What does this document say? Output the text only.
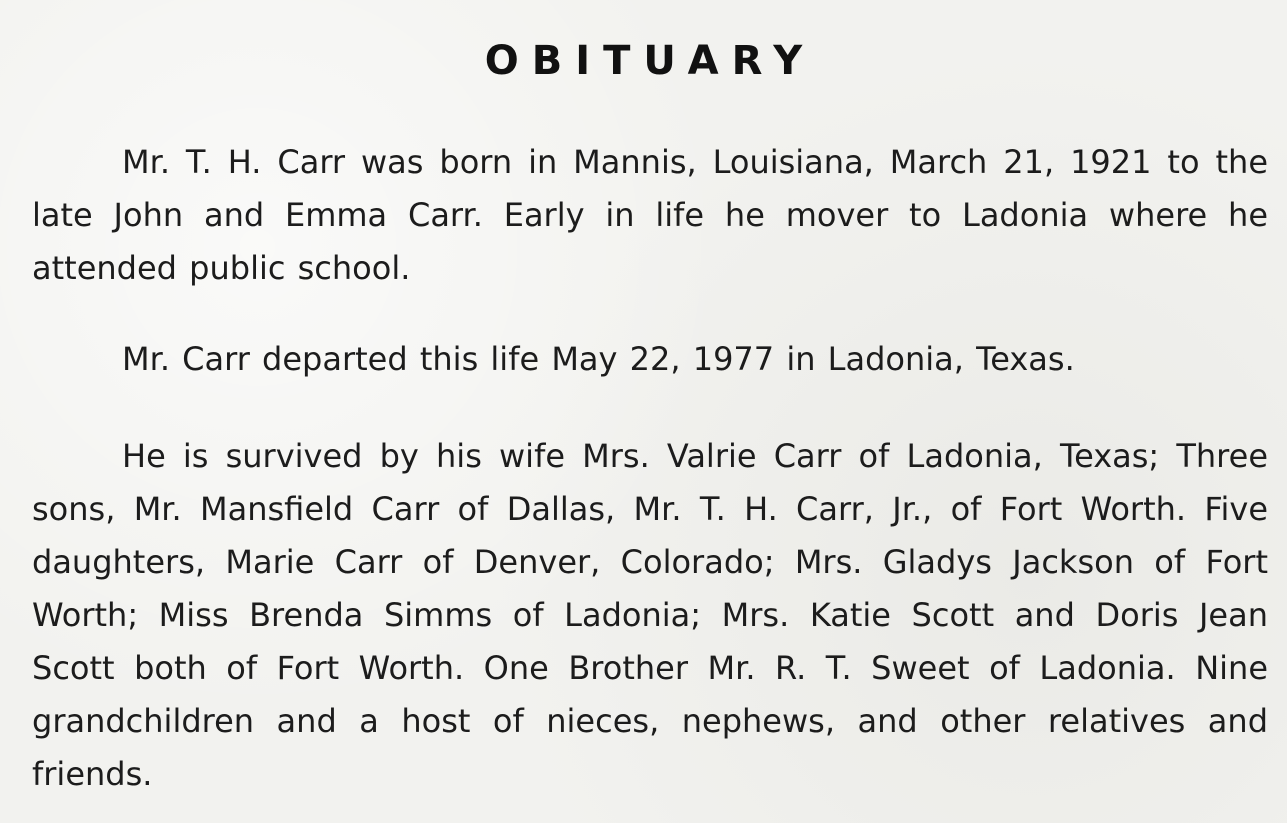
OBITUARY

Mr. T. H. Carr was born in Mannis, Louisiana, March 21, 1921 to the late John and Emma Carr. Early in life he mover to Ladonia where he attended public school.

Mr. Carr departed this life May 22, 1977 in Ladonia, Texas.

He is survived by his wife Mrs. Valrie Carr of Ladonia, Texas; Three sons, Mr. Mansfield Carr of Dallas, Mr. T. H. Carr, Jr., of Fort Worth. Five daughters, Marie Carr of Denver, Colorado; Mrs. Gladys Jackson of Fort Worth; Miss Brenda Simms of Ladonia; Mrs. Katie Scott and Doris Jean Scott both of Fort Worth. One Brother Mr. R. T. Sweet of Ladonia. Nine grandchildren and a host of nieces, nephews, and other relatives and friends.
